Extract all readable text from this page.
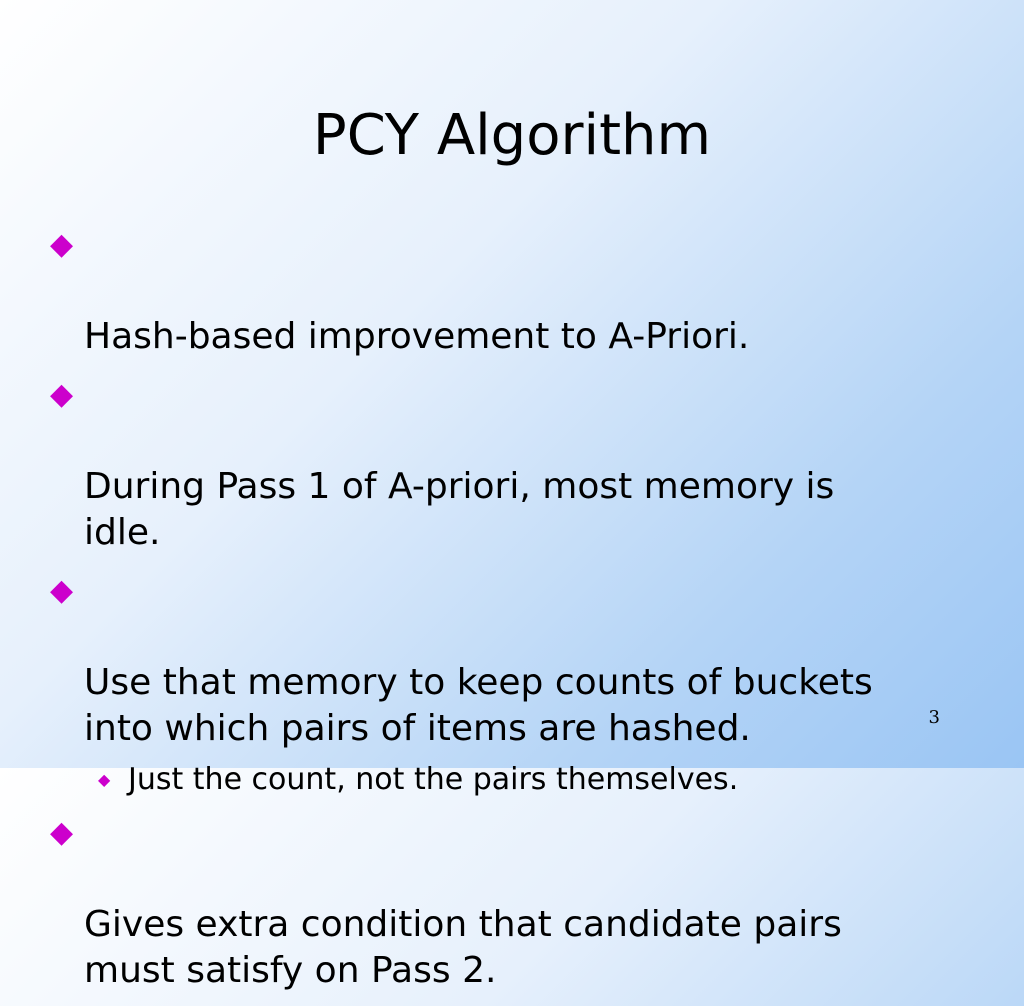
PCY Algorithm

◆

Hash-based improvement to A-Priori.

◆

During Pass 1 of A-priori, most memory is
idle.

◆

Use that memory to keep counts of buckets
into which pairs of items are hashed.

◆ Just the count, not the pairs themselves.

◆

Gives extra condition that candidate pairs
must satisfy on Pass 2.

3
